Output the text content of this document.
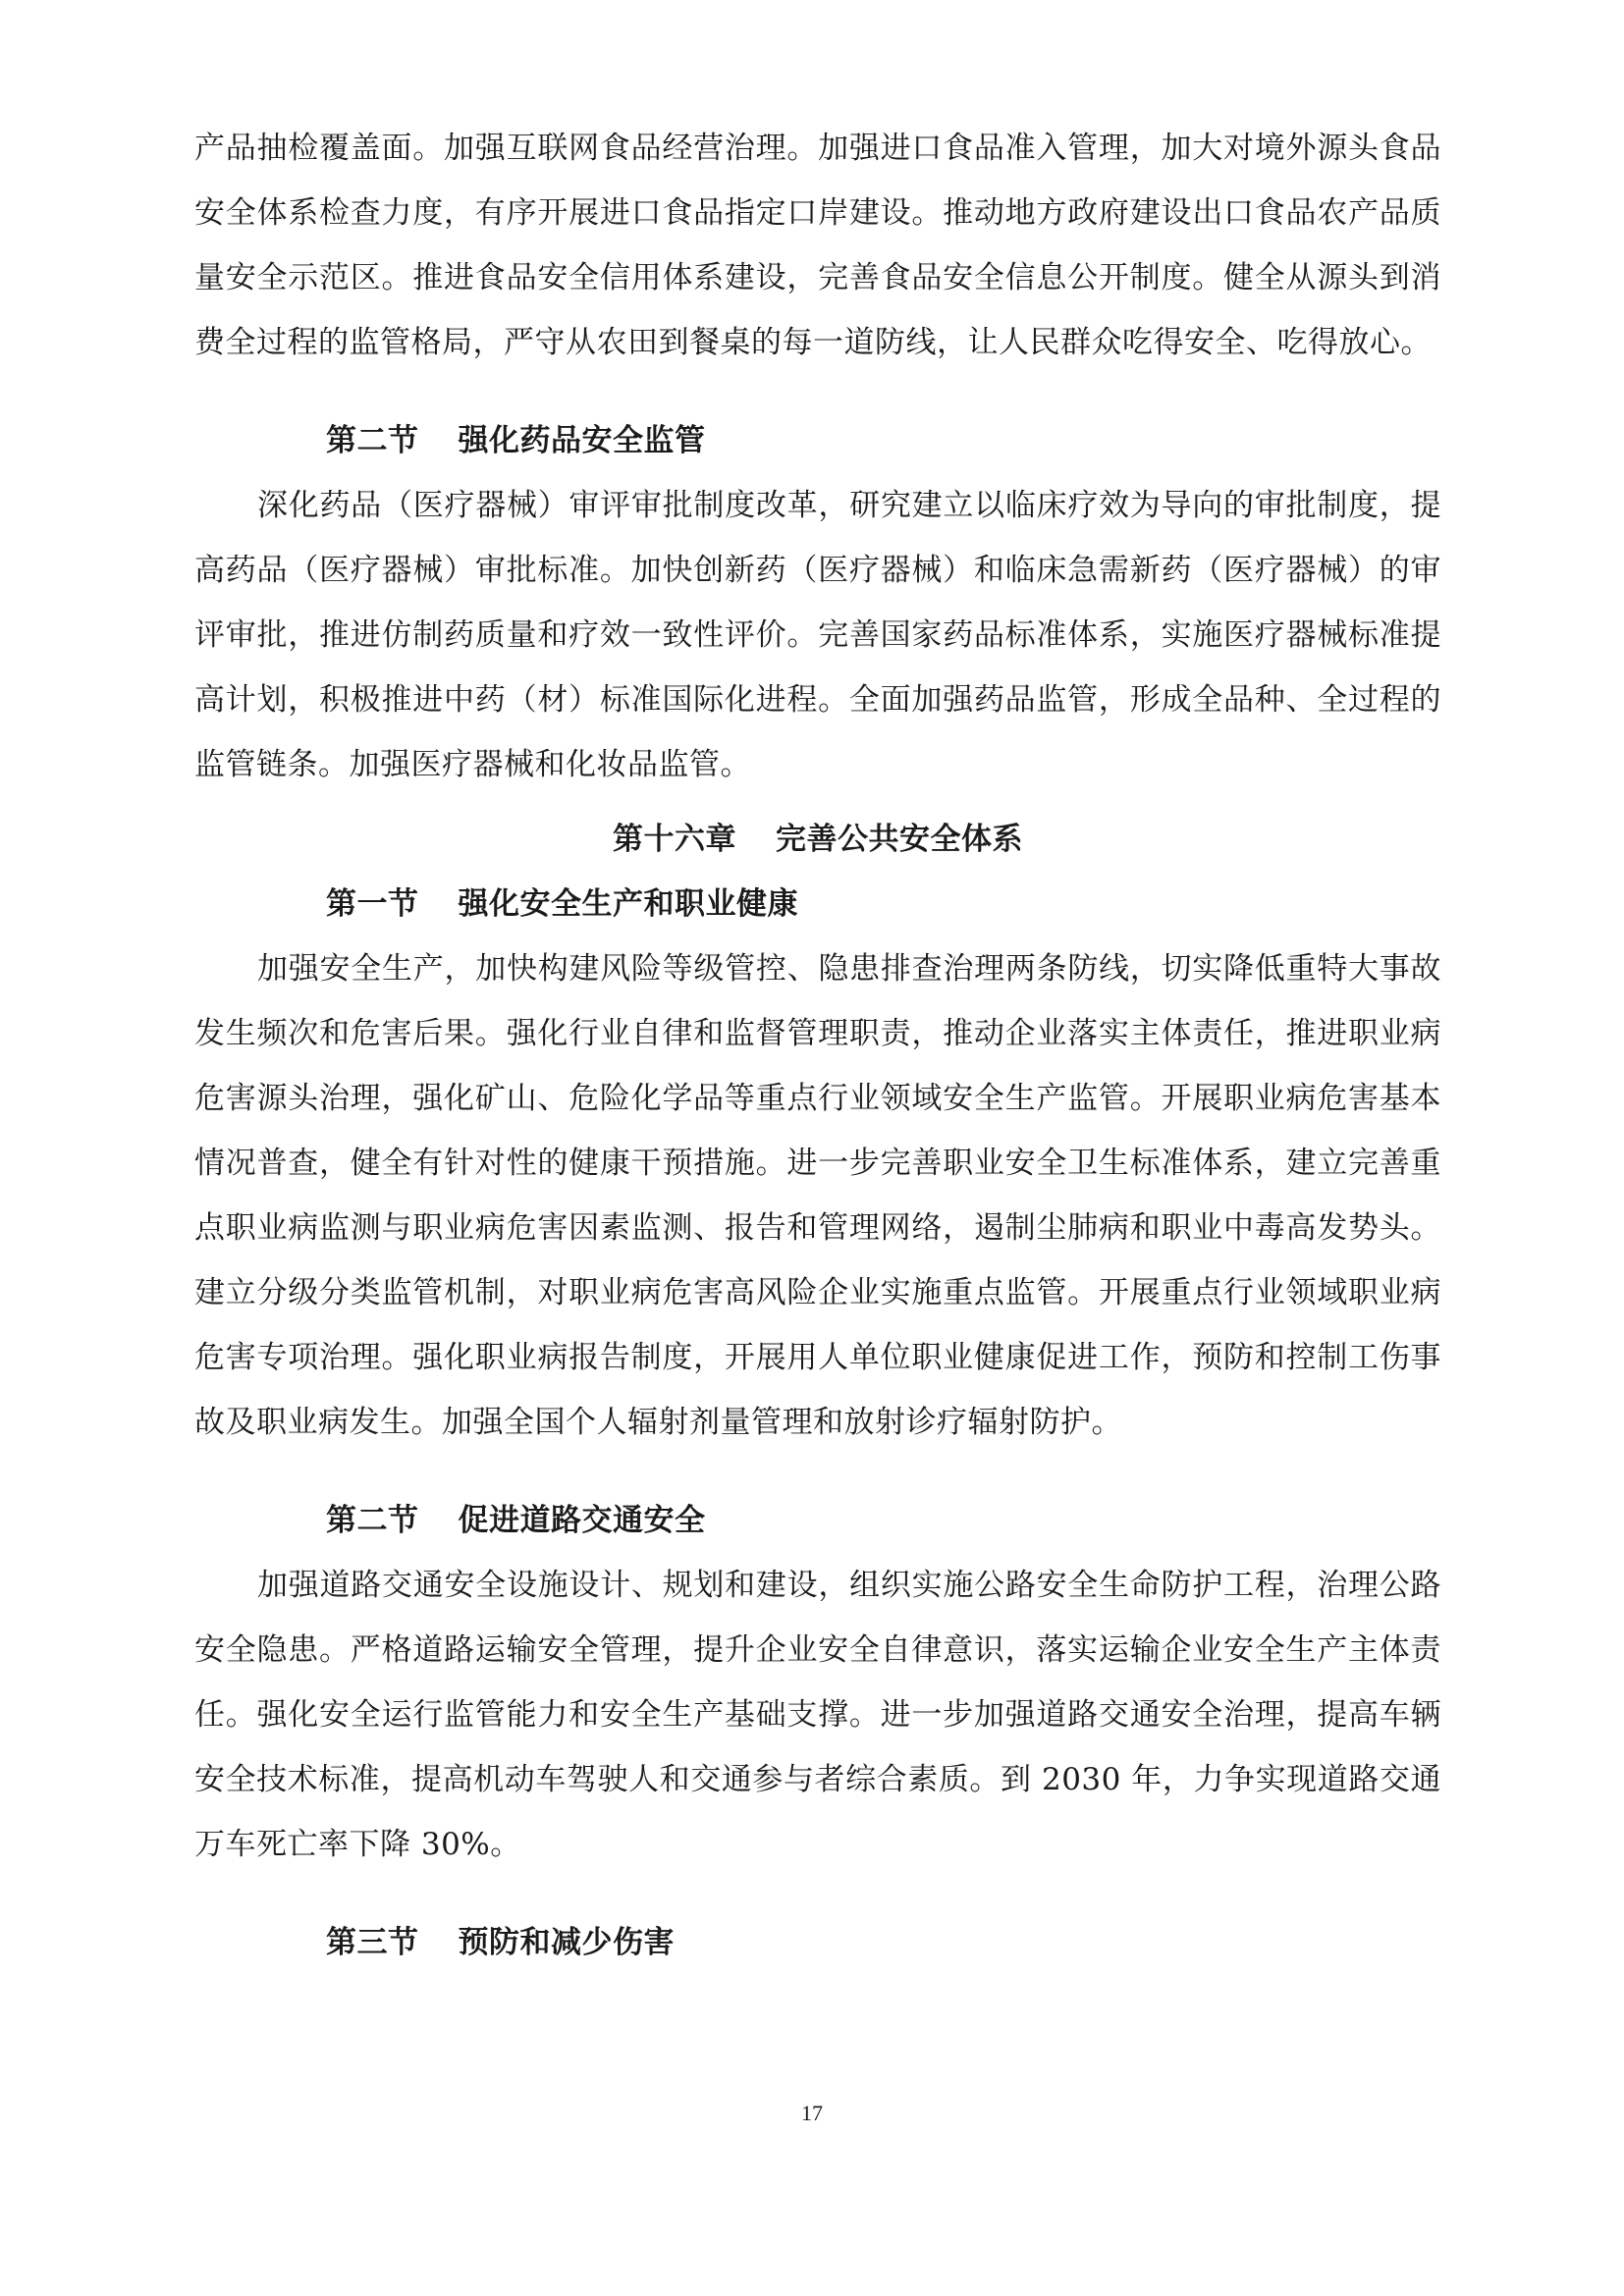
产品抽检覆盖面。加强互联网食品经营治理。加强进口食品准入管理，加大对境外源头食品安全体系检查力度，有序开展进口食品指定口岸建设。推动地方政府建设出口食品农产品质量安全示范区。推进食品安全信用体系建设，完善食品安全信息公开制度。健全从源头到消费全过程的监管格局，严守从农田到餐桌的每一道防线，让人民群众吃得安全、吃得放心。

第二节 强化药品安全监管

深化药品（医疗器械）审评审批制度改革，研究建立以临床疗效为导向的审批制度，提高药品（医疗器械）审批标准。加快创新药（医疗器械）和临床急需新药（医疗器械）的审评审批，推进仿制药质量和疗效一致性评价。完善国家药品标准体系，实施医疗器械标准提高计划，积极推进中药（材）标准国际化进程。全面加强药品监管，形成全品种、全过程的监管链条。加强医疗器械和化妆品监管。

第十六章 完善公共安全体系
第一节 强化安全生产和职业健康

加强安全生产，加快构建风险等级管控、隐患排查治理两条防线，切实降低重特大事故发生频次和危害后果。强化行业自律和监督管理职责，推动企业落实主体责任，推进职业病危害源头治理，强化矿山、危险化学品等重点行业领域安全生产监管。开展职业病危害基本情况普查，健全有针对性的健康干预措施。进一步完善职业安全卫生标准体系，建立完善重点职业病监测与职业病危害因素监测、报告和管理网络，遏制尘肺病和职业中毒高发势头。建立分级分类监管机制，对职业病危害高风险企业实施重点监管。开展重点行业领域职业病危害专项治理。强化职业病报告制度，开展用人单位职业健康促进工作，预防和控制工伤事故及职业病发生。加强全国个人辐射剂量管理和放射诊疗辐射防护。

第二节 促进道路交通安全

加强道路交通安全设施设计、规划和建设，组织实施公路安全生命防护工程，治理公路安全隐患。严格道路运输安全管理，提升企业安全自律意识，落实运输企业安全生产主体责任。强化安全运行监管能力和安全生产基础支撑。进一步加强道路交通安全治理，提高车辆安全技术标准，提高机动车驾驶人和交通参与者综合素质。到 2030 年，力争实现道路交通万车死亡率下降 30%。

第三节 预防和减少伤害
17
